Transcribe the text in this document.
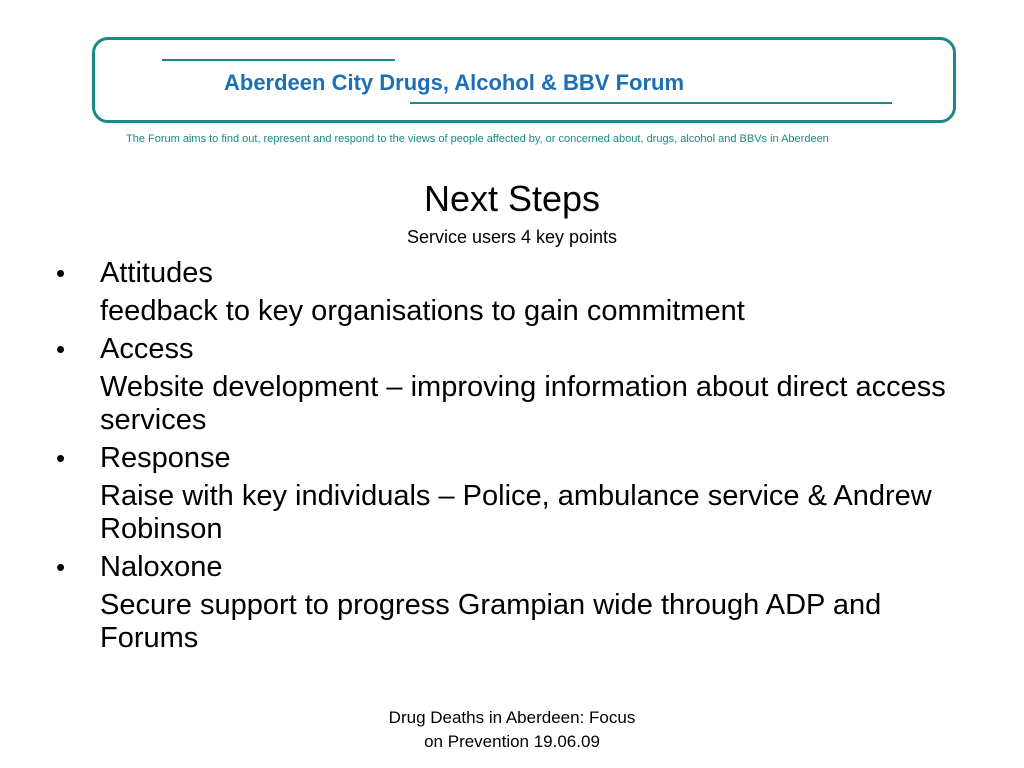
Aberdeen City Drugs, Alcohol & BBV Forum
The Forum aims to find out, represent and respond to the views of people affected by, or concerned about, drugs, alcohol and BBVs in Aberdeen
Next Steps
Service users 4 key points
•	Attitudes
feedback to key organisations to gain commitment
•	Access
Website development – improving information about direct access services
•	Response
Raise with key individuals – Police, ambulance service & Andrew Robinson
•	Naloxone
Secure support to progress Grampian wide through ADP and Forums
Drug Deaths in Aberdeen: Focus
on Prevention 19.06.09
